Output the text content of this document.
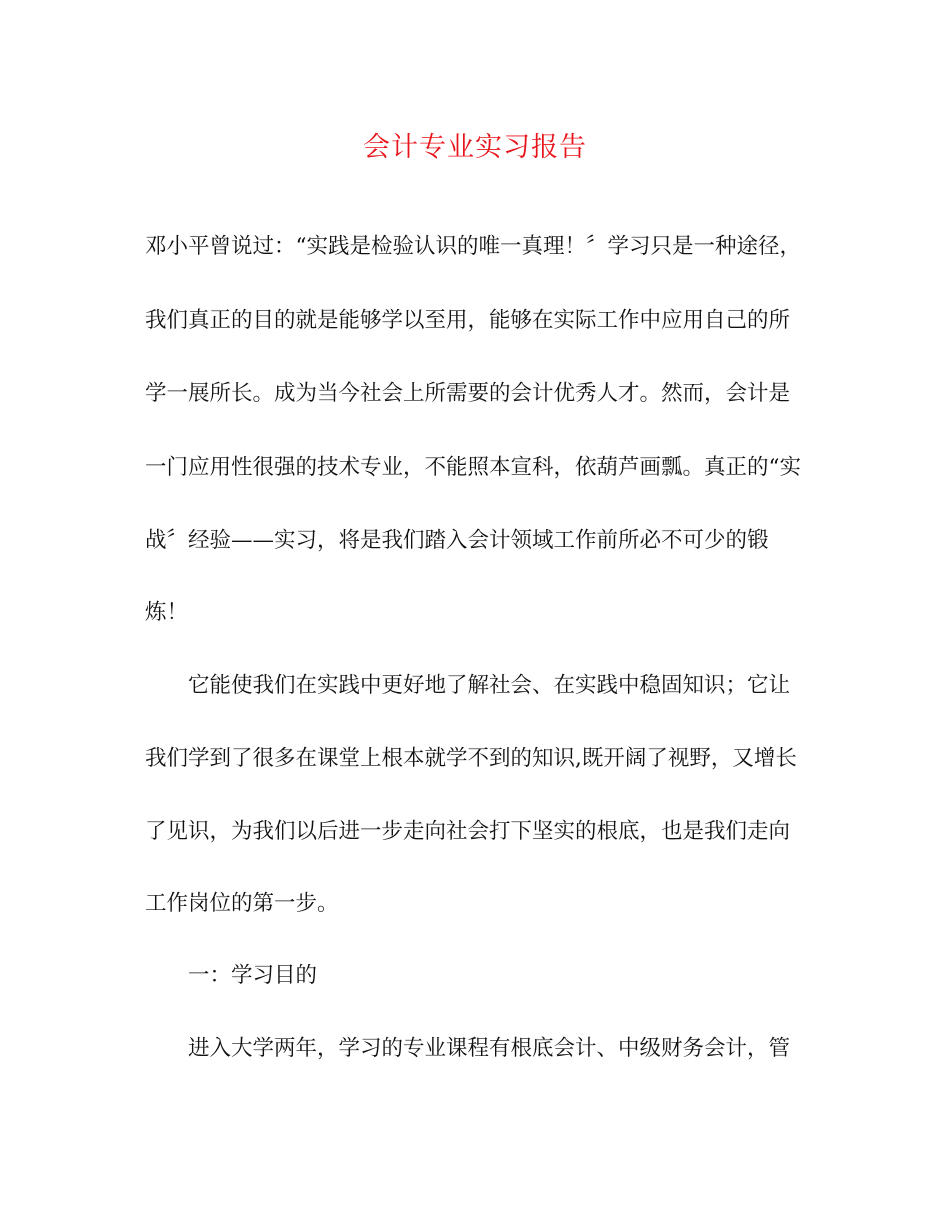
会计专业实习报告
邓小平曾说过：“实践是检验认识的唯一真理！〞学习只是一种途径，
我们真正的目的就是能够学以至用，能够在实际工作中应用自己的所
学一展所长。成为当今社会上所需要的会计优秀人才。然而，会计是
一门应用性很强的技术专业，不能照本宣科，依葫芦画瓢。真正的“实
战〞经验——实习，将是我们踏入会计领域工作前所必不可少的锻
炼！
它能使我们在实践中更好地了解社会、在实践中稳固知识；它让
我们学到了很多在课堂上根本就学不到的知识,既开阔了视野，又增长
了见识，为我们以后进一步走向社会打下坚实的根底，也是我们走向
工作岗位的第一步。
一：学习目的
进入大学两年，学习的专业课程有根底会计、中级财务会计，管
